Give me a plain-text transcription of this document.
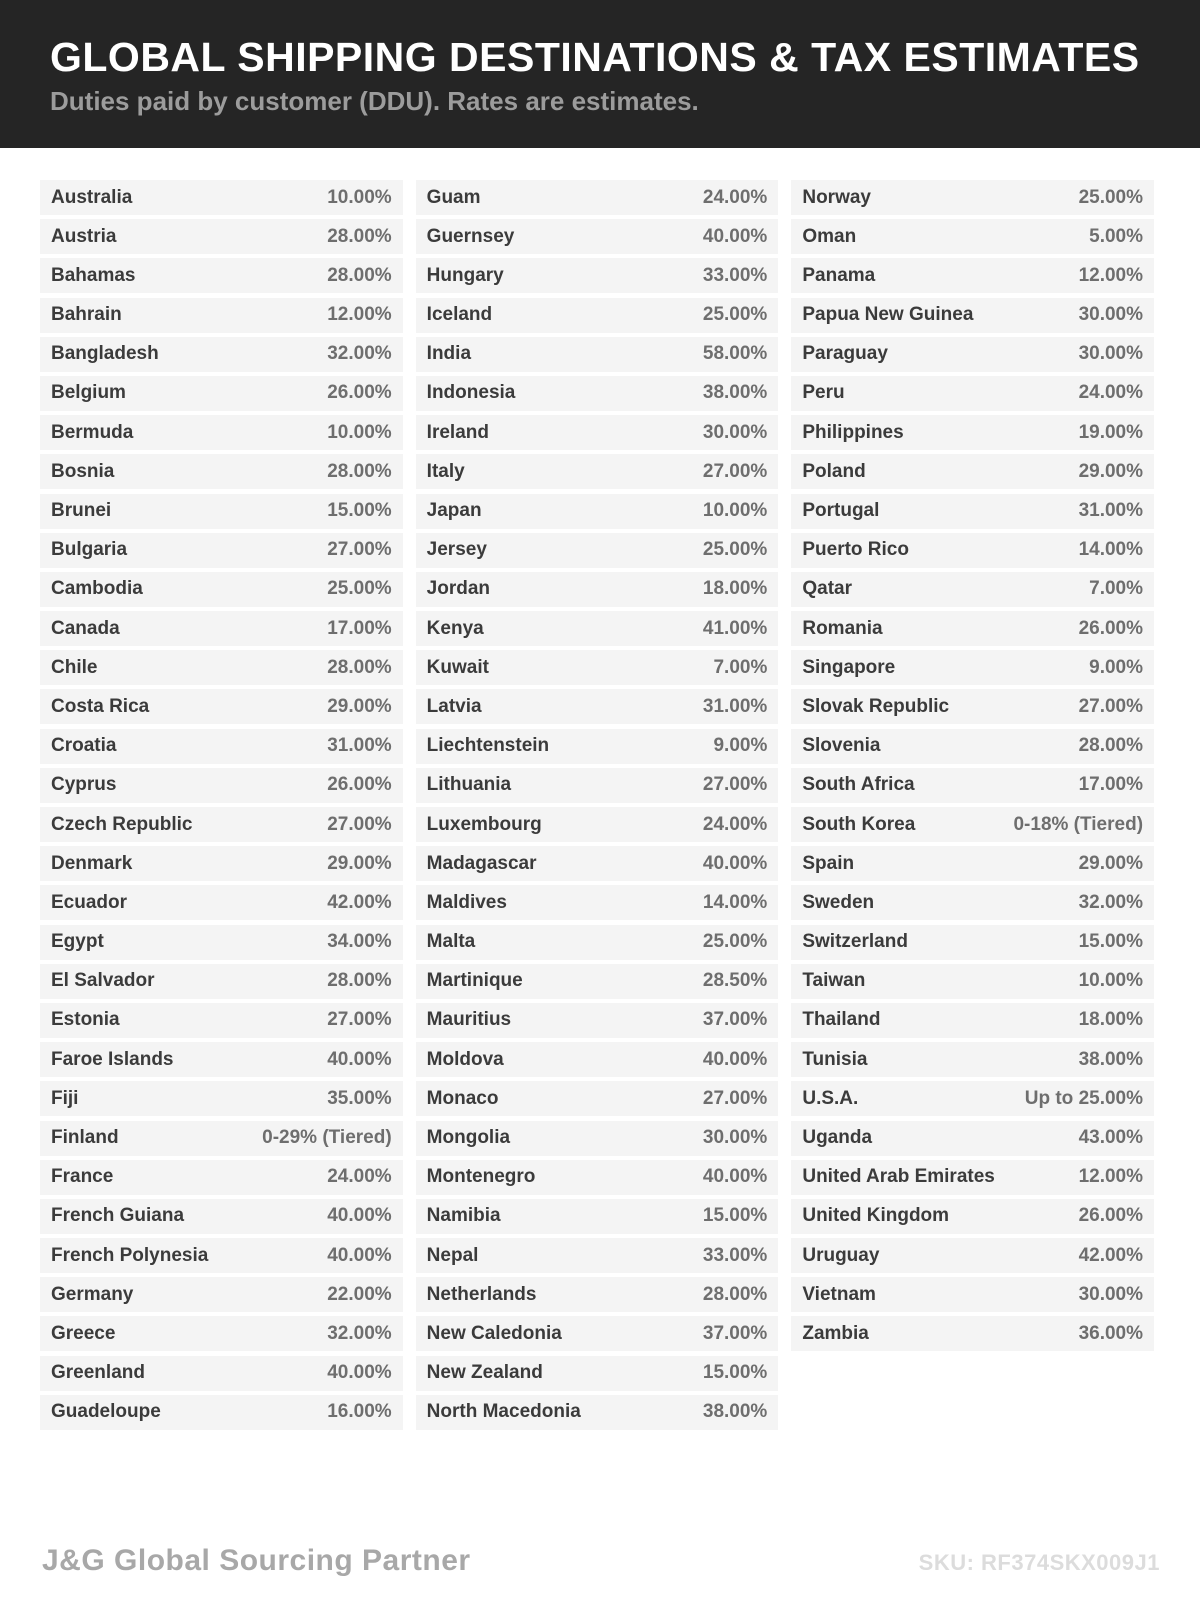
GLOBAL SHIPPING DESTINATIONS & TAX ESTIMATES

Duties paid by customer (DDU). Rates are estimates.

Australia	10.00%
Austria	28.00%
Bahamas	28.00%
Bahrain	12.00%
Bangladesh	32.00%
Belgium	26.00%
Bermuda	10.00%
Bosnia	28.00%
Brunei	15.00%
Bulgaria	27.00%
Cambodia	25.00%
Canada	17.00%
Chile	28.00%
Costa Rica	29.00%
Croatia	31.00%
Cyprus	26.00%
Czech Republic	27.00%
Denmark	29.00%
Ecuador	42.00%
Egypt	34.00%
El Salvador	28.00%
Estonia	27.00%
Faroe Islands	40.00%
Fiji	35.00%
Finland	0-29% (Tiered)
France	24.00%
French Guiana	40.00%
French Polynesia	40.00%
Germany	22.00%
Greece	32.00%
Greenland	40.00%
Guadeloupe	16.00%
Guam	24.00%
Guernsey	40.00%
Hungary	33.00%
Iceland	25.00%
India	58.00%
Indonesia	38.00%
Ireland	30.00%
Italy	27.00%
Japan	10.00%
Jersey	25.00%
Jordan	18.00%
Kenya	41.00%
Kuwait	7.00%
Latvia	31.00%
Liechtenstein	9.00%
Lithuania	27.00%
Luxembourg	24.00%
Madagascar	40.00%
Maldives	14.00%
Malta	25.00%
Martinique	28.50%
Mauritius	37.00%
Moldova	40.00%
Monaco	27.00%
Mongolia	30.00%
Montenegro	40.00%
Namibia	15.00%
Nepal	33.00%
Netherlands	28.00%
New Caledonia	37.00%
New Zealand	15.00%
North Macedonia	38.00%
Norway	25.00%
Oman	5.00%
Panama	12.00%
Papua New Guinea	30.00%
Paraguay	30.00%
Peru	24.00%
Philippines	19.00%
Poland	29.00%
Portugal	31.00%
Puerto Rico	14.00%
Qatar	7.00%
Romania	26.00%
Singapore	9.00%
Slovak Republic	27.00%
Slovenia	28.00%
South Africa	17.00%
South Korea	0-18% (Tiered)
Spain	29.00%
Sweden	32.00%
Switzerland	15.00%
Taiwan	10.00%
Thailand	18.00%
Tunisia	38.00%
U.S.A.	Up to 25.00%
Uganda	43.00%
United Arab Emirates	12.00%
United Kingdom	26.00%
Uruguay	42.00%
Vietnam	30.00%
Zambia	36.00%
J&G Global Sourcing Partner	SKU: RF374SKX009J1
